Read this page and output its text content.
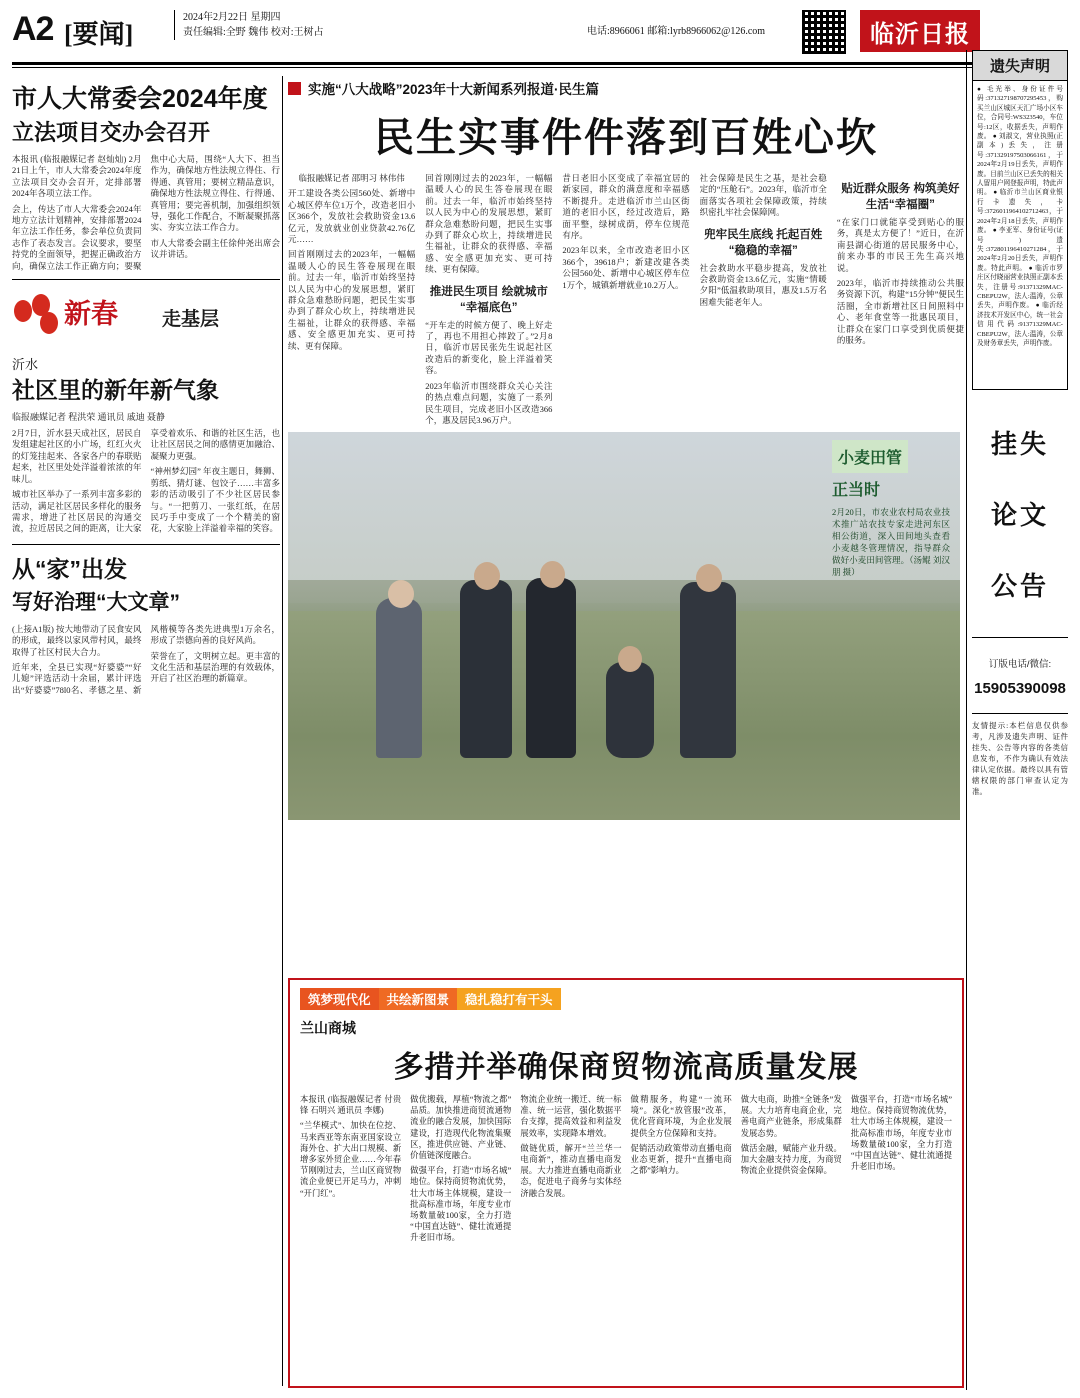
A2 [要闻]
2024年2月22日 星期四
责任编辑:全野 魏伟 校对:王树占	电话:8966061 邮箱:lyrb8966062@126.com	临沂日报
市人大常委会2024年度
立法项目交办会召开

本报讯 (临报融媒记者 赵灿灿) 2月21日上午，市人大常委会2024年度立法项目交办会召开，定排部署2024年各项立法工作。

会上，传达了市人大常委会2024年地方立法计划精神，安排部署2024年立法工作任务，参会单位负责同志作了表态发言。会议要求，要坚持党的全面领导，把握正确政治方向，确保立法工作正确方向；要聚焦中心大局，围绕“人大下、担当作为，确保地方性法规立得住、行得通、真管用；要树立精品意识，确保地方性法规立得住、行得通、真管用；要完善机制，加强组织领导，强化工作配合，不断凝聚抓落实、夯实立法工作合力。

市人大常委会副主任徐仲尧出席会议并讲话。

新春 走基层
沂水
社区里的新年新气象
临报融媒记者 程洪荣 通讯员 戚迪 聂静

2月7日，沂水县天成社区，居民自发组建起社区的小广场，红红火火的灯笼挂起来、各家各户的春联贴起来，社区里处处洋溢着浓浓的年味儿。

城市社区举办了一系列丰富多彩的活动，满足社区居民多样化的服务需求，增进了社区居民的沟通交流，拉近居民之间的距离，让大家享受着欢乐、和谐的社区生活，也让社区居民之间的感情更加融洽、凝聚力更强。

“神州梦幻园” 年夜主题日，舞狮、剪纸、猜灯谜、包饺子……丰富多彩的活动吸引了不少社区居民参与。“一把剪刀、一张红纸，在居民巧手中变成了一个个精美的窗花，大家脸上洋溢着幸福的笑容。

从“家”出发
写好治理“大文章”

(上接A1版) 按大地带动了民食安风的形成，最终以家风带村风，最终取得了社区村民大合力。

近年来，全县已实现“好婆婆”“好儿媳”评选活动十余届，累计评选出“好婆婆”78l0名、孝德之星、新风楷模等各类先进典型1万余名，形成了崇德向善的良好风尚。

荣誉在了，文明树立起。更丰富的文化生活和基层治理的有效载体，开启了社区治理的新篇章。

实施“八大战略”2023年十大新闻系列报道·民生篇
民生实事件件落到百姓心坎

临报融媒记者 邵明习 林伟伟

开工建设各类公园560处、新增中心城区停车位1万个，改造老旧小区366个，发放社会救助资金13.6亿元，发放就业创业贷款42.76亿元……

回首刚刚过去的2023年，一幅幅温暖人心的民生答卷展现在眼前。过去一年，临沂市始终坚持以人民为中心的发展思想，紧盯群众急难愁盼问题，把民生实事办到了群众心坎上，持续增进民生福祉，让群众的获得感、幸福感、安全感更加充实、更可持续、更有保障。

回首刚刚过去的2023年，一幅幅温暖人心的民生答卷展现在眼前。过去一年，临沂市始终坚持以人民为中心的发展思想，紧盯群众急难愁盼问题，把民生实事办到了群众心坎上，持续增进民生福祉，让群众的获得感、幸福感、安全感更加充实、更可持续、更有保障。

推进民生项目 绘就城市“幸福底色”

“开车走的时候方便了、晚上好走了，再也不用担心摔跤了。”2月8日，临沂市居民张先生说起社区改造后的新变化，脸上洋溢着笑容。

2023年临沂市围绕群众关心关注的热点难点问题，实施了一系列民生项目，完成老旧小区改造366个，惠及居民3.96万户。

昔日老旧小区变成了幸福宜居的新家园，群众的满意度和幸福感不断提升。走进临沂市兰山区街道的老旧小区，经过改造后，路面平整，绿树成荫，停车位规范有序。

2023年以来，全市改造老旧小区366个，39618户；新建改建各类公园560处、新增中心城区停车位1万个，城镇新增就业10.2万人。

社会保障是民生之基，是社会稳定的“压舱石”。2023年，临沂市全面落实各项社会保障政策，持续织密扎牢社会保障网。

兜牢民生底线 托起百姓“稳稳的幸福”

社会救助水平稳步提高，发放社会救助资金13.6亿元，实施“情暖夕阳”低温救助项目，惠及1.5万名困难失能老年人。

贴近群众服务 构筑美好生活“幸福圈”

“在家门口就能享受到贴心的服务，真是太方便了！”近日，在沂南县湖心街道的居民服务中心，前来办事的市民王先生高兴地说。

2023年，临沂市持续推动公共服务资源下沉，构建“15分钟”便民生活圈，全市新增社区日间照料中心、老年食堂等一批惠民项目，让群众在家门口享受到优质便捷的服务。

小麦田管
正当时
2月20日，市农业农村局农业技术推广站农技专家走进河东区相公街道，深入田间地头查看小麦越冬管理情况，指导群众做好小麦田间管理。（汤鲲 刘汉朋 摄）
筑梦现代化	共绘新图景	稳扎稳打有干头
兰山商城
多措并举确保商贸物流高质量发展

本报讯 (临报融媒记者 付贵锋 石明兴 通讯员 李娜)

“兰华模式”、加快在位挖、马来西亚等东南亚国家设立海外仓、扩大出口规模、新增多家外贸企业……今年春节刚刚过去，兰山区商贸物流企业便已开足马力，冲刺“开门红”。

做优搬载，厚植“物流之都”品质。加快推进商贸流通物流业的融合发展，加快国际建设，打造现代化物流集聚区，推进供应链、产业链、价值链深度融合。

做强平台，打造“市场名城”地位。保持商贸物流优势，壮大市场主体规模，建设一批高标准市场，年度专业市场数量破100家，全力打造“中国直达链”、健壮流通提升老旧市场。

物流企业统一搬迁、统一标准、统一运营，强化数据平台支撑，提高效益和利益发展效率，实现降本增效。

做链优质，解开“兰兰华一电商新”，推动直播电商发展。大力推进直播电商新业态，促进电子商务与实体经济融合发展。

做精服务，构建“一流环境”。深化“放管服”改革，优化营商环境，为企业发展提供全方位保障和支持。

促销活动政策带动直播电商业态更新，提升“直播电商之都”影响力。

做大电商，助推“全链条”发展。大力培育电商企业，完善电商产业链条，形成集群发展态势。

做活金融，赋能产业升级。加大金融支持力度，为商贸物流企业提供资金保障。

做强平台，打造“市场名城”地位。保持商贸物流优势，壮大市场主体规模，建设一批高标准市场，年度专业市场数量破100家，全力打造“中国直达链”、健壮流通提升老旧市场。

遗失声明
● 毛光举、身份证件号码:371327198707295453，购买兰山区城区天汇广场小区车位，合同号:WS323540，车位号:12区，收据丢失，声明作废。 ● 刘淑文，营业执照(正副本)丢失，注册号:371329197503066161，于2024年2月19日丢失，声明作废。目前兰山区已丢失的相关人留用户网登报声明，特此声明。 ● 临沂市兰山区商业银行卡遗失，卡号:3726011964102712463，于2024年2月18日丢失，声明作废。 ● 李亚军、身份证号(证号)遗失:372801196410271284，于2024年2月20日丢失，声明作废。特此声明。 ● 临沂市罗庄区付晓丽营业执照正副本丢失，注册号:91371329MAC-CBEPU2W，法人:温涛，公章丢失，声明作废。 ● 临沂经济技术开发区中心，统一社会信用代码:91371329MAC-CBEPU2W，法人:温涛，公章及财务章丢失，声明作废。
挂失
论文
公告
订版电话/微信:
15905390098
友情提示:本栏信息仅供参考，凡涉及遗失声明、证件挂失、公告等内容的各类信息发布，不作为确认有效法律认定依据。最终以具有管辖权限的部门审查认定为准。
